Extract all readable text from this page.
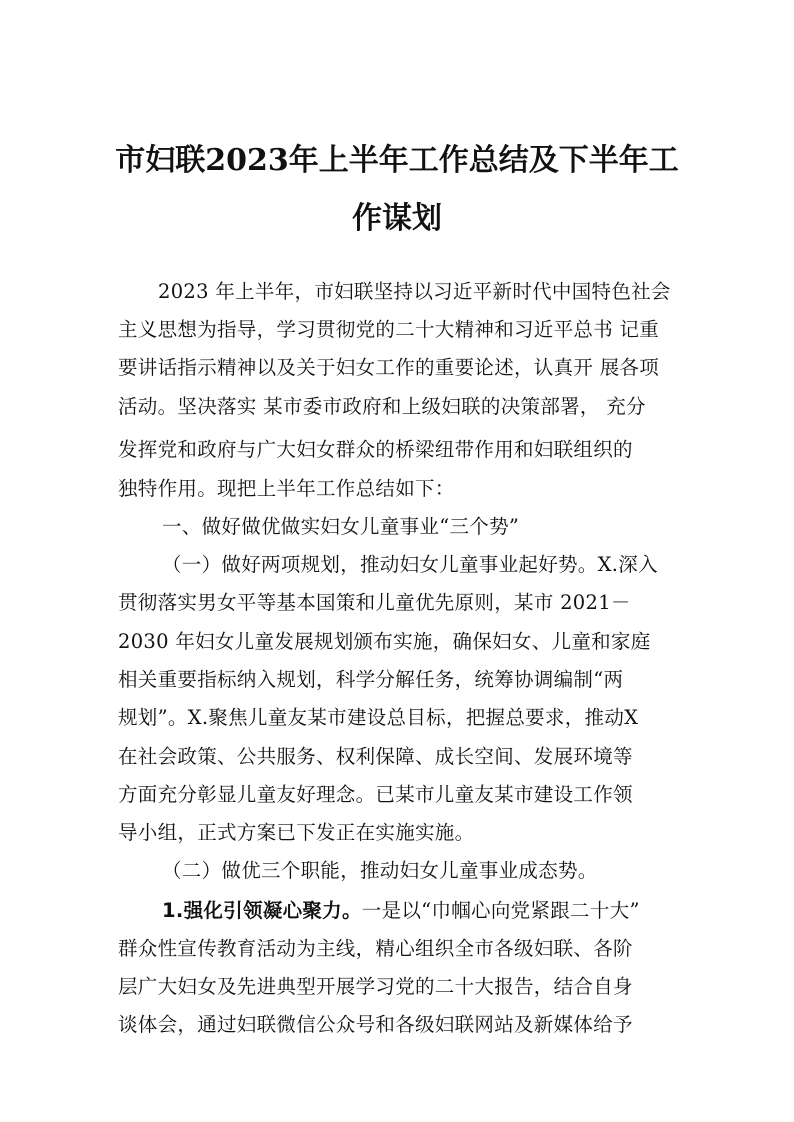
市妇联2023年上半年工作总结及下半年工
作谋划
2023 年上半年，市妇联坚持以习近平新时代中国特色社会
主义思想为指导，学习贯彻党的二十大精神和习近平总书 记重
要讲话指示精神以及关于妇女工作的重要论述，认真开 展各项
活动。坚决落实 某市委市政府和上级妇联的决策部署， 充分
发挥党和政府与广大妇女群众的桥梁纽带作用和妇联组织的
独特作用。现把上半年工作总结如下：
一、做好做优做实妇女儿童事业“三个势”
（一）做好两项规划，推动妇女儿童事业起好势。X.深入
贯彻落实男女平等基本国策和儿童优先原则，某市 2021－
2030 年妇女儿童发展规划颁布实施，确保妇女、儿童和家庭
相关重要指标纳入规划，科学分解任务，统筹协调编制“两
规划”。X.聚焦儿童友某市建设总目标，把握总要求，推动X
在社会政策、公共服务、权利保障、成长空间、发展环境等
方面充分彰显儿童友好理念。已某市儿童友某市建设工作领
导小组，正式方案已下发正在实施实施。
（二）做优三个职能，推动妇女儿童事业成态势。
1.强化引领凝心聚力。一是以“巾帼心向党紧跟二十大”
群众性宣传教育活动为主线，精心组织全市各级妇联、各阶
层广大妇女及先进典型开展学习党的二十大报告，结合自身
谈体会，通过妇联微信公众号和各级妇联网站及新媒体给予
